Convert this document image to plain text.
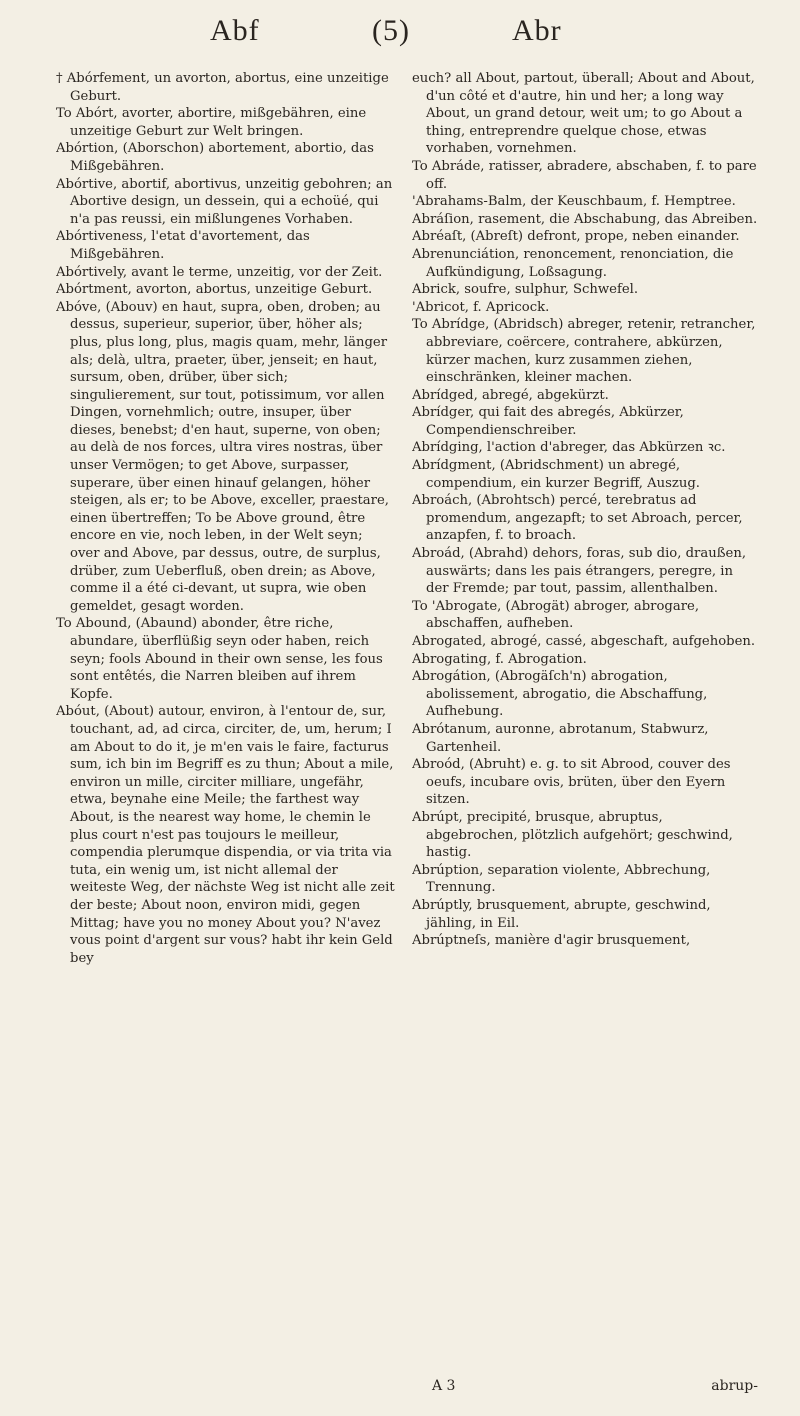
Abf	(5)	Abr
† Abórfement, un avorton, abortus, eine unzeitige Geburt.
To Abórt, avorter, abortire, mißgebähren, eine unzeitige Geburt zur Welt bringen.
Abórtion, (Aborschon) abortement, abortio, das Mißgebähren.
Abórtive, abortif, abortivus, unzeitig gebohren; an Abortive design, un dessein, qui a echoüé, qui n'a pas reussi, ein mißlungenes Vorhaben.
Abórtiveness, l'etat d'avortement, das Mißgebähren.
Abórtively, avant le terme, unzeitig, vor der Zeit.
Abórtment, avorton, abortus, unzeitige Geburt.
Abóve, (Abouv) en haut, supra, oben, droben; au dessus, superieur, superior, über, höher als; plus, plus long, plus, magis quam, mehr, länger als; delà, ultra, praeter, über, jenseit; en haut, sursum, oben, drüber, über sich; singulierement, sur tout, potissimum, vor allen Dingen, vornehmlich; outre, insuper, über dieses, benebst; d'en haut, superne, von oben; au delà de nos forces, ultra vires nostras, über unser Vermögen; to get Above, surpasser, superare, über einen hinauf gelangen, höher steigen, als er; to be Above, exceller, praestare, einen übertreffen; To be Above ground, être encore en vie, noch leben, in der Welt seyn; over and Above, par dessus, outre, de surplus, drüber, zum Ueberfluß, oben drein; as Above, comme il a été ci-devant, ut supra, wie oben gemeldet, gesagt worden.
To Abound, (Abaund) abonder, être riche, abundare, überflüßig seyn oder haben, reich seyn; fools Abound in their own sense, les fous sont entêtés, die Narren bleiben auf ihrem Kopfe.
Abóut, (About) autour, environ, à l'entour de, sur, touchant, ad, ad circa, circiter, de, um, herum; I am About to do it, je m'en vais le faire, facturus sum, ich bin im Begriff es zu thun; About a mile, environ un mille, circiter milliare, ungefähr, etwa, beynahe eine Meile; the farthest way About, is the nearest way home, le chemin le plus court n'est pas toujours le meilleur, compendia plerumque dispendia, or via trita via tuta, ein wenig um, ist nicht allemal der weiteste Weg, der nächste Weg ist nicht alle zeit der beste; About noon, environ midi, gegen Mittag; have you no money About you? N'avez vous point d'argent sur vous? habt ihr kein Geld bey
euch? all About, partout, überall; About and About, d'un côté et d'autre, hin und her; a long way About, un grand detour, weit um; to go About a thing, entreprendre quelque chose, etwas vorhaben, vornehmen.
To Abráde, ratisser, abradere, abschaben, f. to pare off.
'Abrahams-Balm, der Keuschbaum, f. Hemptree.
Abráſion, rasement, die Abschabung, das Abreiben.
Abréaſt, (Abreſt) defront, prope, neben einander.
Abrenunciátion, renoncement, renonciation, die Aufkündigung, Loßsagung.
Abrick, soufre, sulphur, Schwefel.
'Abricot, f. Apricock.
To Abrídge, (Abridsch) abreger, retenir, retrancher, abbreviare, coërcere, contrahere, abkürzen, kürzer machen, kurz zusammen ziehen, einschränken, kleiner machen.
Abrídged, abregé, abgekürzt.
Abrídger, qui fait des abregés, Abkürzer, Compendienschreiber.
Abrídging, l'action d'abreger, das Abkürzen ꝛc.
Abrídgment, (Abridschment) un abregé, compendium, ein kurzer Begriff, Auszug.
Abroách, (Abrohtsch) percé, terebratus ad promendum, angezapft; to set Abroach, percer, anzapfen, f. to broach.
Abroád, (Abrahd) dehors, foras, sub dio, draußen, auswärts; dans les pais étrangers, peregre, in der Fremde; par tout, passim, allenthalben.
To 'Abrogate, (Abrogät) abroger, abrogare, abschaffen, aufheben.
Abrogated, abrogé, cassé, abgeschaft, aufgehoben.
Abrogating, f. Abrogation.
Abrogátion, (Abrogäſch'n) abrogation, abolissement, abrogatio, die Abschaffung, Aufhebung.
Abrótanum, auronne, abrotanum, Stabwurz, Gartenheil.
Abroód, (Abruht) e. g. to sit Abrood, couver des oeufs, incubare ovis, brüten, über den Eyern sitzen.
Abrúpt, precipité, brusque, abruptus, abgebrochen, plötzlich aufgehört; geschwind, hastig.
Abrúption, separation violente, Abbrechung, Trennung.
Abrúptly, brusquement, abrupte, geschwind, jähling, in Eil.
Abrúptneſs, manière d'agir brusquement,
A 3	abrup-
